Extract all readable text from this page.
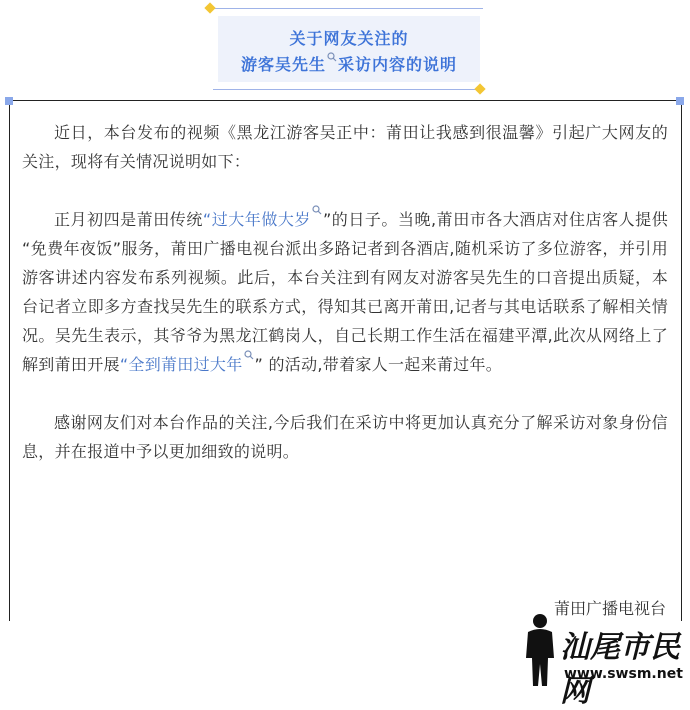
关于网友关注的
游客吴先生 采访内容的说明

近日，本台发布的视频《黑龙江游客吴正中：莆田让我感到很温馨》引起广大网友的关注，现将有关情况说明如下：

正月初四是莆田传统“过大年做大岁 ”的日子。当晚,莆田市各大酒店对住店客人提供 “免费年夜饭”服务，莆田广播电视台派出多路记者到各酒店,随机采访了多位游客，并引用游客讲述内容发布系列视频。此后，本台关注到有网友对游客吴先生的口音提出质疑，本台记者立即多方查找吴先生的联系方式，得知其已离开莆田,记者与其电话联系了解相关情况。吴先生表示，其爷爷为黑龙江鹤岗人，自己长期工作生活在福建平潭,此次从网络上了解到莆田开展“全到莆田过大年 ” 的活动,带着家人一起来莆过年。

感谢网友们对本台作品的关注,今后我们在采访中将更加认真充分了解采访对象身份信息，并在报道中予以更加细致的说明。

莆田广播电视台
汕尾市民网
www.swsm.net
